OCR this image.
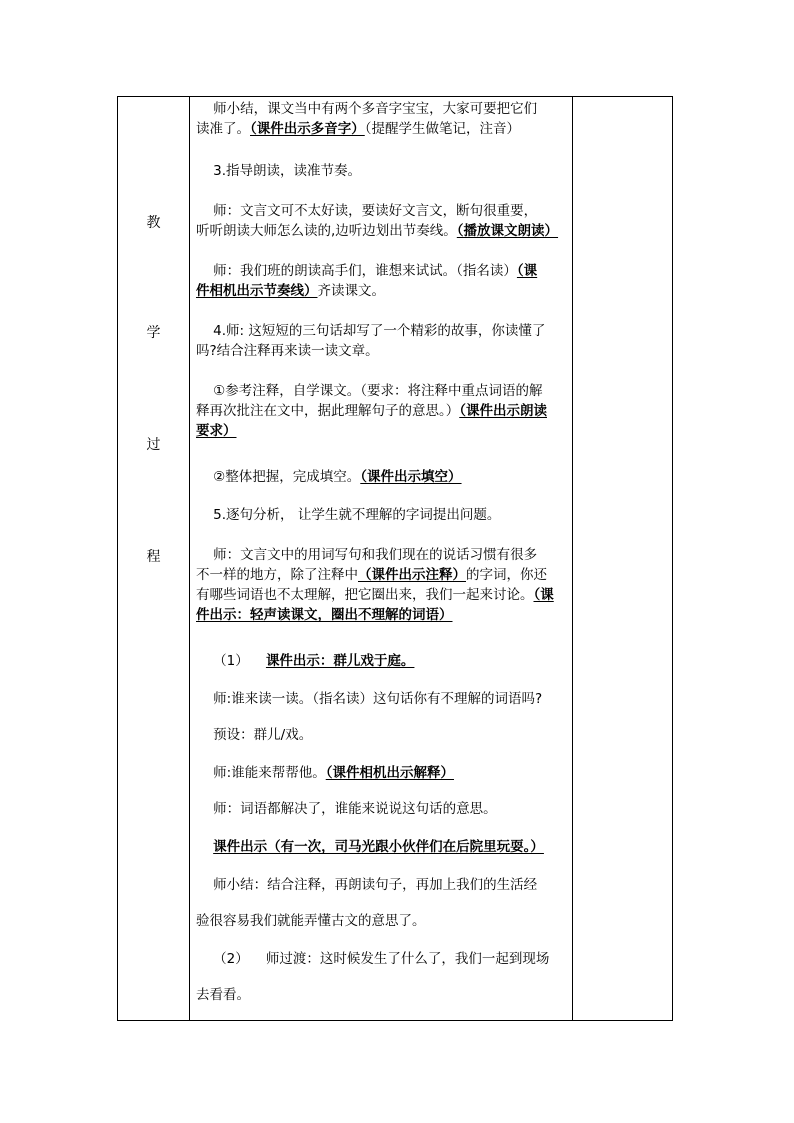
教
学
过
程
师小结，课文当中有两个多音字宝宝，大家可要把它们
读准了。（课件出示多音字）（提醒学生做笔记，注音）
3.指导朗读，读准节奏。
师：文言文可不太好读，要读好文言文，断句很重要，
听听朗读大师怎么读的,边听边划出节奏线。（播放课文朗读）
师：我们班的朗读高手们，谁想来试试。（指名读）（课
件相机出示节奏线）齐读课文。
4.师: 这短短的三句话却写了一个精彩的故事，你读懂了
吗?结合注释再来读一读文章。
①参考注释，自学课文。（要求：将注释中重点词语的解
释再次批注在文中，据此理解句子的意思。）（课件出示朗读
要求）
②整体把握，完成填空。（课件出示填空）
5.逐句分析， 让学生就不理解的字词提出问题。
师：文言文中的用词写句和我们现在的说话习惯有很多
不一样的地方，除了注释中（课件出示注释）的字词，你还
有哪些词语也不太理解，把它圈出来，我们一起来讨论。（课
件出示：轻声读课文，圈出不理解的词语）
（1）    课件出示：群儿戏于庭。
师:谁来读一读。（指名读）这句话你有不理解的词语吗?
预设：群儿/戏。
师:谁能来帮帮他。（课件相机出示解释）
师：词语都解决了，谁能来说说这句话的意思。
课件出示（有一次，司马光跟小伙伴们在后院里玩耍。）
师小结：结合注释，再朗读句子，再加上我们的生活经
验很容易我们就能弄懂古文的意思了。
（2）    师过渡：这时候发生了什么了，我们一起到现场
去看看。
